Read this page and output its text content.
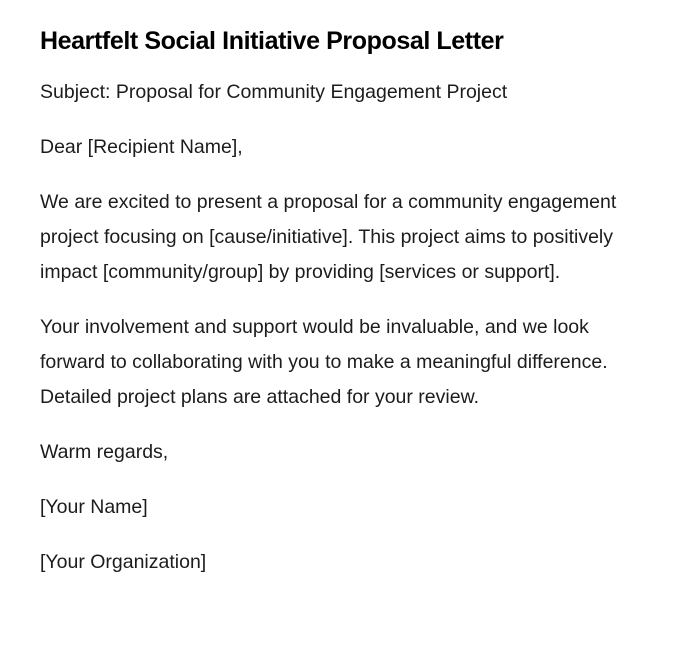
Heartfelt Social Initiative Proposal Letter

Subject: Proposal for Community Engagement Project

Dear [Recipient Name],

We are excited to present a proposal for a community engagement project focusing on [cause/initiative]. This project aims to positively impact [community/group] by providing [services or support].

Your involvement and support would be invaluable, and we look forward to collaborating with you to make a meaningful difference. Detailed project plans are attached for your review.

Warm regards,

[Your Name]

[Your Organization]
